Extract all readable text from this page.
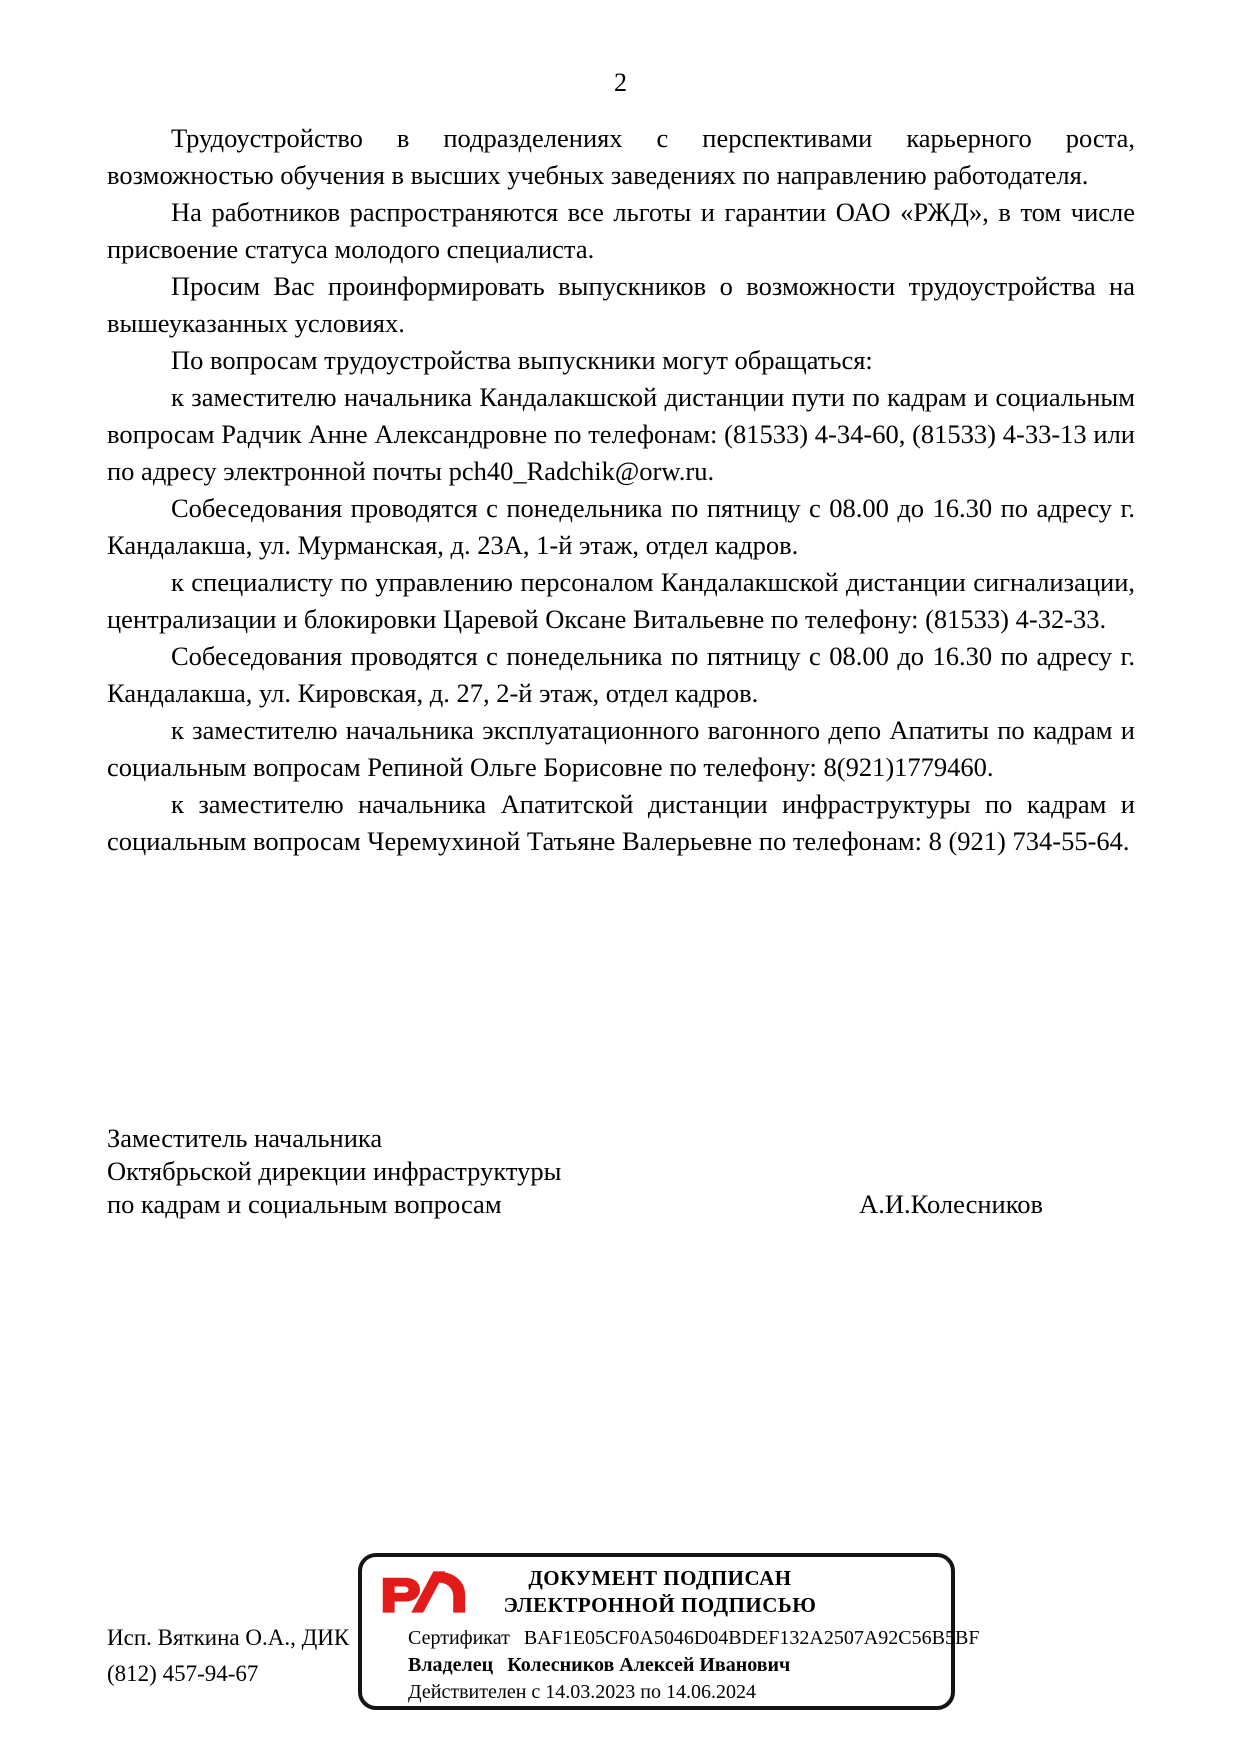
2

Трудоустройство в подразделениях с перспективами карьерного роста, возможностью обучения в высших учебных заведениях по направлению работодателя.

На работников распространяются все льготы и гарантии ОАО «РЖД», в том числе присвоение статуса молодого специалиста.

Просим Вас проинформировать выпускников о возможности трудоустройства на вышеуказанных условиях.

По вопросам трудоустройства выпускники могут обращаться:

к заместителю начальника Кандалакшской дистанции пути по кадрам и социальным вопросам Радчик Анне Александровне по телефонам: (81533) 4-34-60, (81533) 4-33-13 или по адресу электронной почты pch40_Radchik@orw.ru.

Собеседования проводятся с понедельника по пятницу с 08.00 до 16.30 по адресу г. Кандалакша, ул. Мурманская, д. 23А, 1-й этаж, отдел кадров.

к специалисту по управлению персоналом Кандалакшской дистанции сигнализации, централизации и блокировки Царевой Оксане Витальевне по телефону: (81533) 4-32-33.

Собеседования проводятся с понедельника по пятницу с 08.00 до 16.30 по адресу г. Кандалакша, ул. Кировская, д. 27, 2-й этаж, отдел кадров.

к заместителю начальника эксплуатационного вагонного депо Апатиты по кадрам и социальным вопросам Репиной Ольге Борисовне по телефону: 8(921)1779460.

к заместителю начальника Апатитской дистанции инфраструктуры по кадрам и социальным вопросам Черемухиной Татьяне Валерьевне по телефонам: 8 (921) 734-55-64.

Заместитель начальника
Октябрьской дирекции инфраструктуры
по кадрам и социальным вопросам	А.И.Колесников
Исп. Вяткина О.А., ДИК
(812) 457-94-67
ДОКУМЕНТ ПОДПИСАН
ЭЛЕКТРОННОЙ ПОДПИСЬЮ
Сертификат BAF1E05CF0A5046D04BDEF132A2507A92C56B5BF
Владелец Колесников Алексей Иванович
Действителен с 14.03.2023 по 14.06.2024
